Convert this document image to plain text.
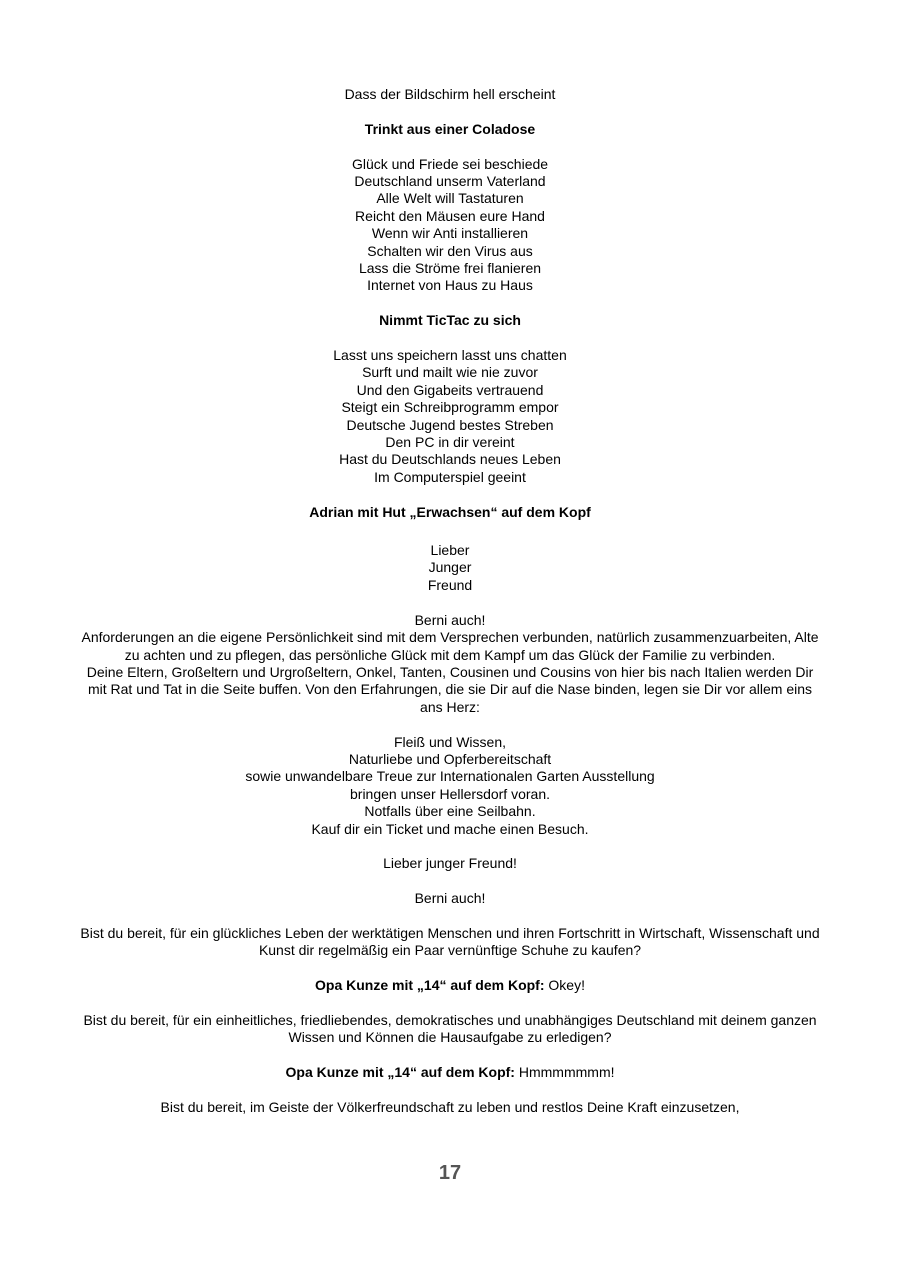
Dass der Bildschirm hell erscheint
Trinkt aus einer Coladose
Glück und Friede sei beschiede
Deutschland unserm Vaterland
Alle Welt will Tastaturen
Reicht den Mäusen eure Hand
Wenn wir Anti installieren
Schalten wir den Virus aus
Lass die Ströme frei flanieren
Internet von Haus zu Haus
Nimmt TicTac zu sich
Lasst uns speichern lasst uns chatten
Surft und mailt wie nie zuvor
Und den Gigabeits vertrauend
Steigt ein Schreibprogramm empor
Deutsche Jugend bestes Streben
Den PC in dir vereint
Hast du Deutschlands neues Leben
Im Computerspiel geeint
Adrian mit Hut „Erwachsen“ auf dem Kopf
Lieber
Junger
Freund
Berni auch!
Anforderungen an die eigene Persönlichkeit sind mit dem Versprechen verbunden, natürlich zusammenzuarbeiten, Alte zu achten und zu pflegen, das persönliche Glück mit dem Kampf um das Glück der Familie zu verbinden.
Deine Eltern, Großeltern und Urgroßeltern, Onkel, Tanten, Cousinen und Cousins von hier bis nach Italien werden Dir mit Rat und Tat in die Seite buffen. Von den Erfahrungen, die sie Dir auf die Nase binden, legen sie Dir vor allem eins ans Herz:
Fleiß und Wissen,
Naturliebe und Opferbereitschaft
sowie unwandelbare Treue zur Internationalen Garten Ausstellung
bringen unser Hellersdorf voran.
Notfalls über eine Seilbahn.
Kauf dir ein Ticket und mache einen Besuch.
Lieber junger Freund!
Berni auch!
Bist du bereit, für ein glückliches Leben der werktätigen Menschen und ihren Fortschritt in Wirtschaft, Wissenschaft und Kunst dir regelmäßig ein Paar vernünftige Schuhe zu kaufen?
Opa Kunze mit „14“ auf dem Kopf: Okey!
Bist du bereit, für ein einheitliches, friedliebendes, demokratisches und unabhängiges Deutschland mit deinem ganzen Wissen und Können die Hausaufgabe zu erledigen?
Opa Kunze mit „14“ auf dem Kopf: Hmmmmmmm!
Bist du bereit, im Geiste der Völkerfreundschaft zu leben und restlos Deine Kraft einzusetzen,
17
